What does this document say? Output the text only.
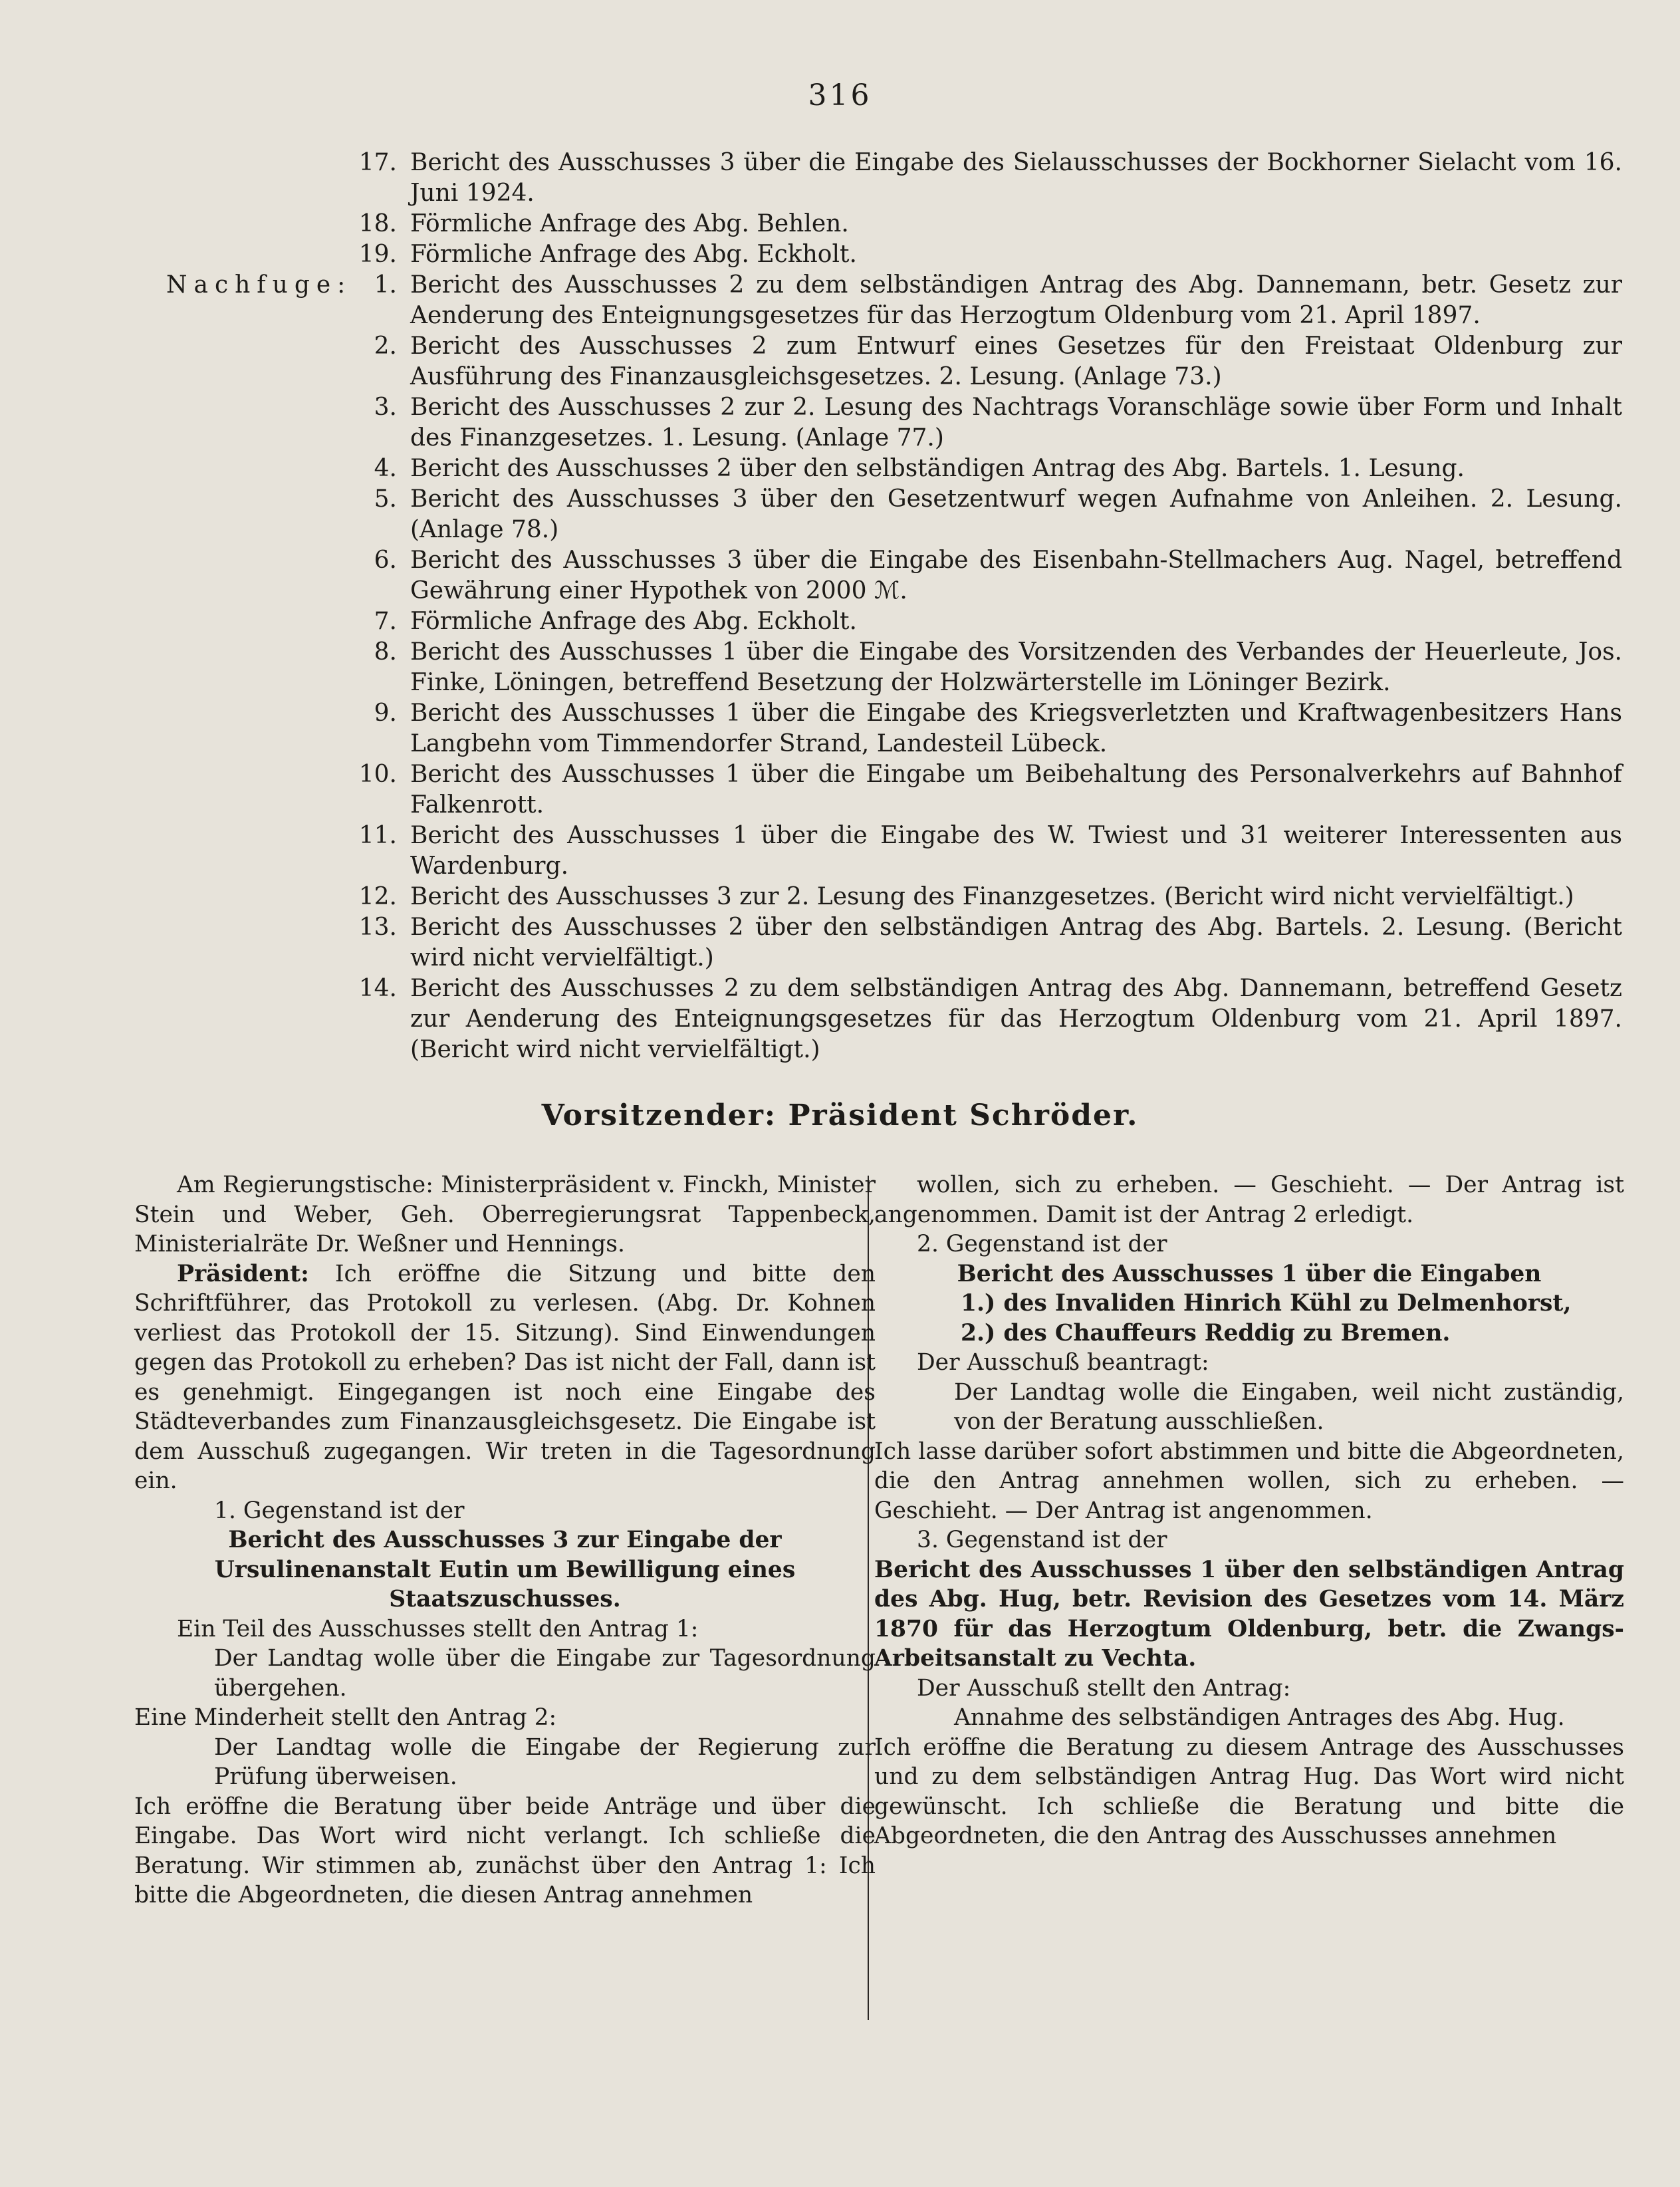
316
17. Bericht des Ausschusses 3 über die Eingabe des Sielausschusses der Bockhorner Sielacht vom 16. Juni 1924.
18. Förmliche Anfrage des Abg. Behlen.
19. Förmliche Anfrage des Abg. Eckholt.
Nachfuge: 1. Bericht des Ausschusses 2 zu dem selbständigen Antrag des Abg. Dannemann, betr. Gesetz zur Aenderung des Enteignungsgesetzes für das Herzogtum Oldenburg vom 21. April 1897.
2. Bericht des Ausschusses 2 zum Entwurf eines Gesetzes für den Freistaat Oldenburg zur Ausführung des Finanzausgleichsgesetzes. 2. Lesung. (Anlage 73.)
3. Bericht des Ausschusses 2 zur 2. Lesung des Nachtrags Voranschläge sowie über Form und Inhalt des Finanzgesetzes. 1. Lesung. (Anlage 77.)
4. Bericht des Ausschusses 2 über den selbständigen Antrag des Abg. Bartels. 1. Lesung.
5. Bericht des Ausschusses 3 über den Gesetzentwurf wegen Aufnahme von Anleihen. 2. Lesung. (Anlage 78.)
6. Bericht des Ausschusses 3 über die Eingabe des Eisenbahn-Stellmachers Aug. Nagel, betreffend Gewährung einer Hypothek von 2000 ℳ.
7. Förmliche Anfrage des Abg. Eckholt.
8. Bericht des Ausschusses 1 über die Eingabe des Vorsitzenden des Verbandes der Heuerleute, Jos. Finke, Löningen, betreffend Besetzung der Holzwärterstelle im Löninger Bezirk.
9. Bericht des Ausschusses 1 über die Eingabe des Kriegsverletzten und Kraftwagenbesitzers Hans Langbehn vom Timmendorfer Strand, Landesteil Lübeck.
10. Bericht des Ausschusses 1 über die Eingabe um Beibehaltung des Personalverkehrs auf Bahnhof Falkenrott.
11. Bericht des Ausschusses 1 über die Eingabe des W. Twiest und 31 weiterer Interessenten aus Wardenburg.
12. Bericht des Ausschusses 3 zur 2. Lesung des Finanzgesetzes. (Bericht wird nicht vervielfältigt.)
13. Bericht des Ausschusses 2 über den selbständigen Antrag des Abg. Bartels. 2. Lesung. (Bericht wird nicht vervielfältigt.)
14. Bericht des Ausschusses 2 zu dem selbständigen Antrag des Abg. Dannemann, betreffend Gesetz zur Aenderung des Enteignungsgesetzes für das Herzogtum Oldenburg vom 21. April 1897. (Bericht wird nicht vervielfältigt.)
Vorsitzender: Präsident Schröder.

Am Regierungstische: Ministerpräsident v. Finckh, Minister Stein und Weber, Geh. Oberregierungsrat Tappenbeck, Ministerialräte Dr. Weßner und Hennings.

Präsident: Ich eröffne die Sitzung und bitte den Schriftführer, das Protokoll zu verlesen. (Abg. Dr. Kohnen verliest das Protokoll der 15. Sitzung). Sind Einwendungen gegen das Protokoll zu erheben? Das ist nicht der Fall, dann ist es genehmigt. Eingegangen ist noch eine Eingabe des Städteverbandes zum Finanzausgleichsgesetz. Die Eingabe ist dem Ausschuß zugegangen. Wir treten in die Tagesordnung ein.

1. Gegenstand ist der

Bericht des Ausschusses 3 zur Eingabe der Ursulinenanstalt Eutin um Bewilligung eines Staatszuschusses.

Ein Teil des Ausschusses stellt den Antrag 1:

Der Landtag wolle über die Eingabe zur Tagesordnung übergehen.

Eine Minderheit stellt den Antrag 2:

Der Landtag wolle die Eingabe der Regierung zur Prüfung überweisen.

Ich eröffne die Beratung über beide Anträge und über die Eingabe. Das Wort wird nicht verlangt. Ich schließe die Beratung. Wir stimmen ab, zunächst über den Antrag 1: Ich bitte die Abgeordneten, die diesen Antrag annehmen

wollen, sich zu erheben. — Geschieht. — Der Antrag ist angenommen. Damit ist der Antrag 2 erledigt.

2. Gegenstand ist der

Bericht des Ausschusses 1 über die Eingaben

1.) des Invaliden Hinrich Kühl zu Delmenhorst,

2.) des Chauffeurs Reddig zu Bremen.

Der Ausschuß beantragt:

Der Landtag wolle die Eingaben, weil nicht zuständig, von der Beratung ausschließen.

Ich lasse darüber sofort abstimmen und bitte die Abgeordneten, die den Antrag annehmen wollen, sich zu erheben. — Geschieht. — Der Antrag ist angenommen.

3. Gegenstand ist der

Bericht des Ausschusses 1 über den selbständigen Antrag des Abg. Hug, betr. Revision des Gesetzes vom 14. März 1870 für das Herzogtum Oldenburg, betr. die Zwangs-Arbeitsanstalt zu Vechta.

Der Ausschuß stellt den Antrag:

Annahme des selbständigen Antrages des Abg. Hug.

Ich eröffne die Beratung zu diesem Antrage des Ausschusses und zu dem selbständigen Antrag Hug. Das Wort wird nicht gewünscht. Ich schließe die Beratung und bitte die Abgeordneten, die den Antrag des Ausschusses annehmen
